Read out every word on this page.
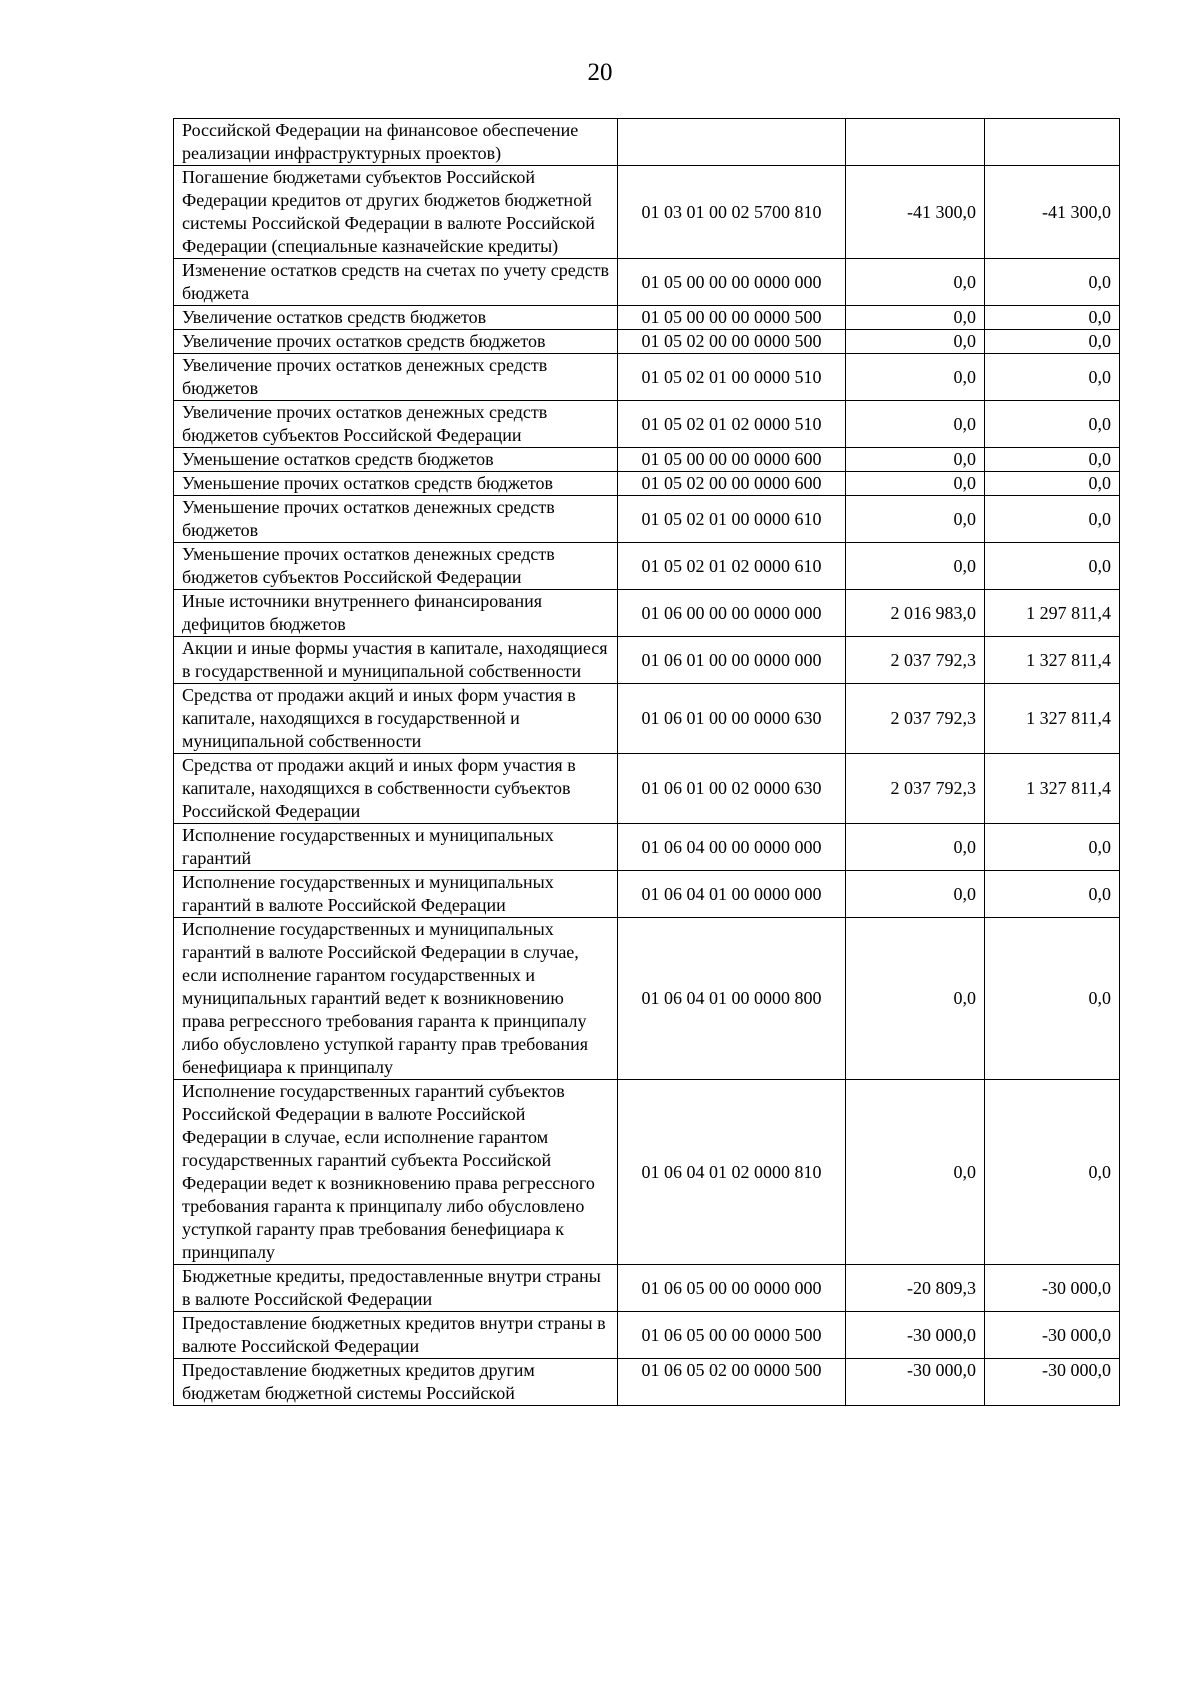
20
Российской Федерации на финансовое обеспечение реализации инфраструктурных проектов)			
Погашение бюджетами субъектов Российской Федерации кредитов от других бюджетов бюджетной системы Российской Федерации в валюте Российской Федерации (специальные казначейские кредиты)	01 03 01 00 02 5700 810	-41 300,0	-41 300,0
Изменение остатков средств на счетах по учету средств бюджета	01 05 00 00 00 0000 000	0,0	0,0
Увеличение остатков средств бюджетов	01 05 00 00 00 0000 500	0,0	0,0
Увеличение прочих остатков средств бюджетов	01 05 02 00 00 0000 500	0,0	0,0
Увеличение прочих остатков денежных средств бюджетов	01 05 02 01 00 0000 510	0,0	0,0
Увеличение прочих остатков денежных средств бюджетов субъектов Российской Федерации	01 05 02 01 02 0000 510	0,0	0,0
Уменьшение остатков средств бюджетов	01 05 00 00 00 0000 600	0,0	0,0
Уменьшение прочих остатков средств бюджетов	01 05 02 00 00 0000 600	0,0	0,0
Уменьшение прочих остатков денежных средств бюджетов	01 05 02 01 00 0000 610	0,0	0,0
Уменьшение прочих остатков денежных средств бюджетов субъектов Российской Федерации	01 05 02 01 02 0000 610	0,0	0,0
Иные источники внутреннего финансирования дефицитов бюджетов	01 06 00 00 00 0000 000	2 016 983,0	1 297 811,4
Акции и иные формы участия в капитале, находящиеся в государственной и муниципальной собственности	01 06 01 00 00 0000 000	2 037 792,3	1 327 811,4
Средства от продажи акций и иных форм участия в капитале, находящихся в государственной и муниципальной собственности	01 06 01 00 00 0000 630	2 037 792,3	1 327 811,4
Средства от продажи акций и иных форм участия в капитале, находящихся в собственности субъектов Российской Федерации	01 06 01 00 02 0000 630	2 037 792,3	1 327 811,4
Исполнение государственных и муниципальных гарантий	01 06 04 00 00 0000 000	0,0	0,0
Исполнение государственных и муниципальных гарантий в валюте Российской Федерации	01 06 04 01 00 0000 000	0,0	0,0
Исполнение государственных и муниципальных гарантий в валюте Российской Федерации в случае, если исполнение гарантом государственных и муниципальных гарантий ведет к возникновению права регрессного требования гаранта к принципалу либо обусловлено уступкой гаранту прав требования бенефициара к принципалу	01 06 04 01 00 0000 800	0,0	0,0
Исполнение государственных гарантий субъектов Российской Федерации в валюте Российской Федерации в случае, если исполнение гарантом государственных гарантий субъекта Российской Федерации ведет к возникновению права регрессного требования гаранта к принципалу либо обусловлено уступкой гаранту прав требования бенефициара к принципалу	01 06 04 01 02 0000 810	0,0	0,0
Бюджетные кредиты, предоставленные внутри страны в валюте Российской Федерации	01 06 05 00 00 0000 000	-20 809,3	-30 000,0
Предоставление бюджетных кредитов внутри страны в валюте Российской Федерации	01 06 05 00 00 0000 500	-30 000,0	-30 000,0
Предоставление бюджетных кредитов другим бюджетам бюджетной системы Российской	01 06 05 02 00 0000 500	-30 000,0	-30 000,0
